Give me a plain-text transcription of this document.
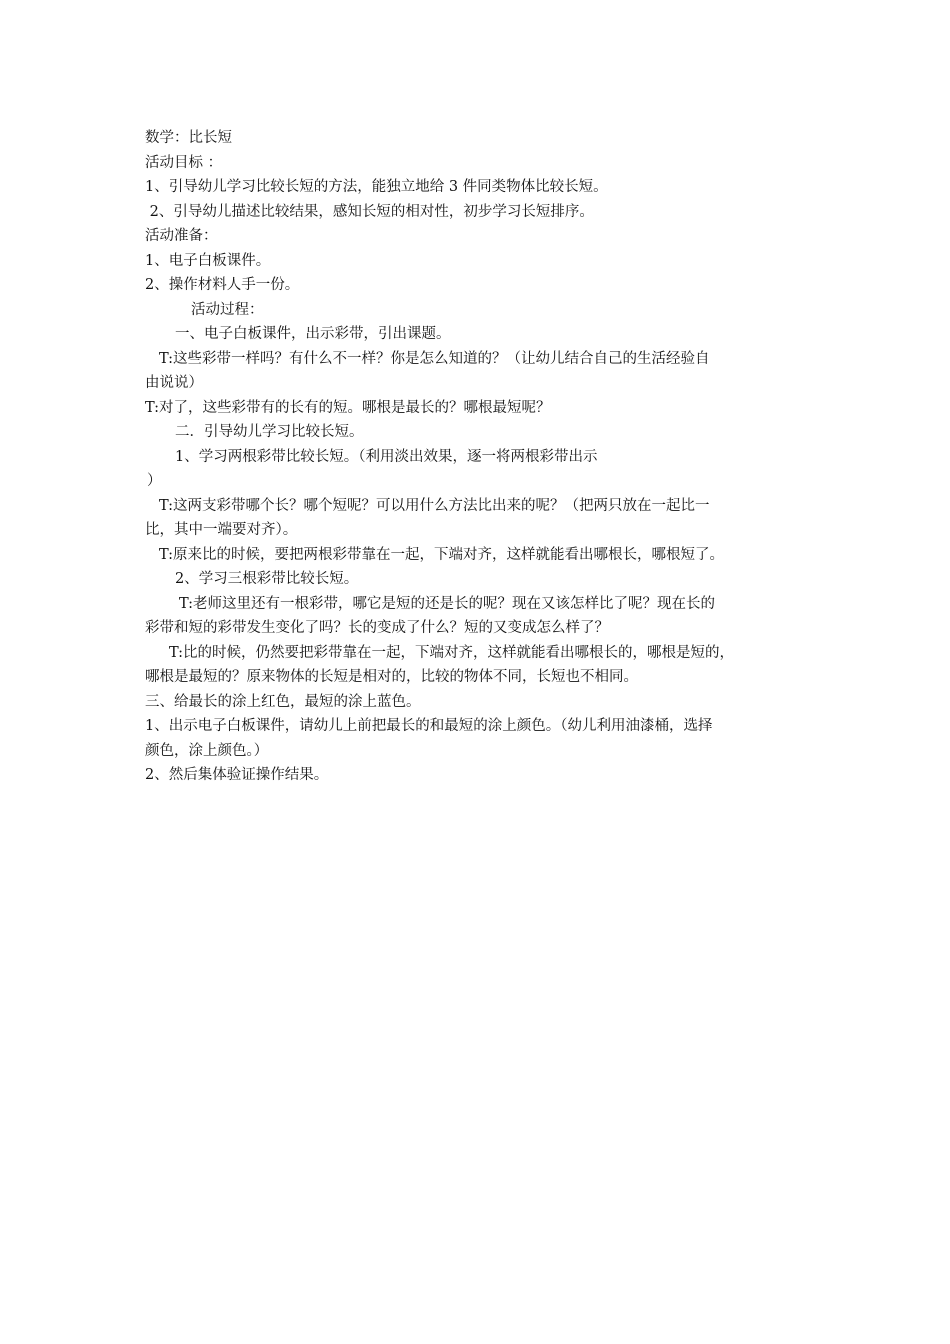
数学：比长短

活动目标 ：

1、引导幼儿学习比较长短的方法，能独立地给 3 件同类物体比较长短。

2、引导幼儿描述比较结果，感知长短的相对性，初步学习长短排序。

活动准备：

1、电子白板课件。

2、操作材料人手一份。

活动过程：

一、电子白板课件，出示彩带，引出课题。

T:这些彩带一样吗？有什么不一样？你是怎么知道的？（让幼儿结合自己的生活经验自

由说说）

T:对了，这些彩带有的长有的短。哪根是最长的？哪根最短呢？

二．引导幼儿学习比较长短。

1、学习两根彩带比较长短。（利用淡出效果，逐一将两根彩带出示

）

T:这两支彩带哪个长？哪个短呢？可以用什么方法比出来的呢？（把两只放在一起比一

比，其中一端要对齐）。

T:原来比的时候，要把两根彩带靠在一起，下端对齐，这样就能看出哪根长，哪根短了。

2、学习三根彩带比较长短。

T:老师这里还有一根彩带，哪它是短的还是长的呢？现在又该怎样比了呢？现在长的

彩带和短的彩带发生变化了吗？长的变成了什么？短的又变成怎么样了？

T:比的时候，仍然要把彩带靠在一起，下端对齐，这样就能看出哪根长的，哪根是短的，

哪根是最短的？原来物体的长短是相对的，比较的物体不同，长短也不相同。

三、给最长的涂上红色，最短的涂上蓝色。

1、出示电子白板课件，请幼儿上前把最长的和最短的涂上颜色。（幼儿利用油漆桶，选择

颜色，涂上颜色。）

2、然后集体验证操作结果。
